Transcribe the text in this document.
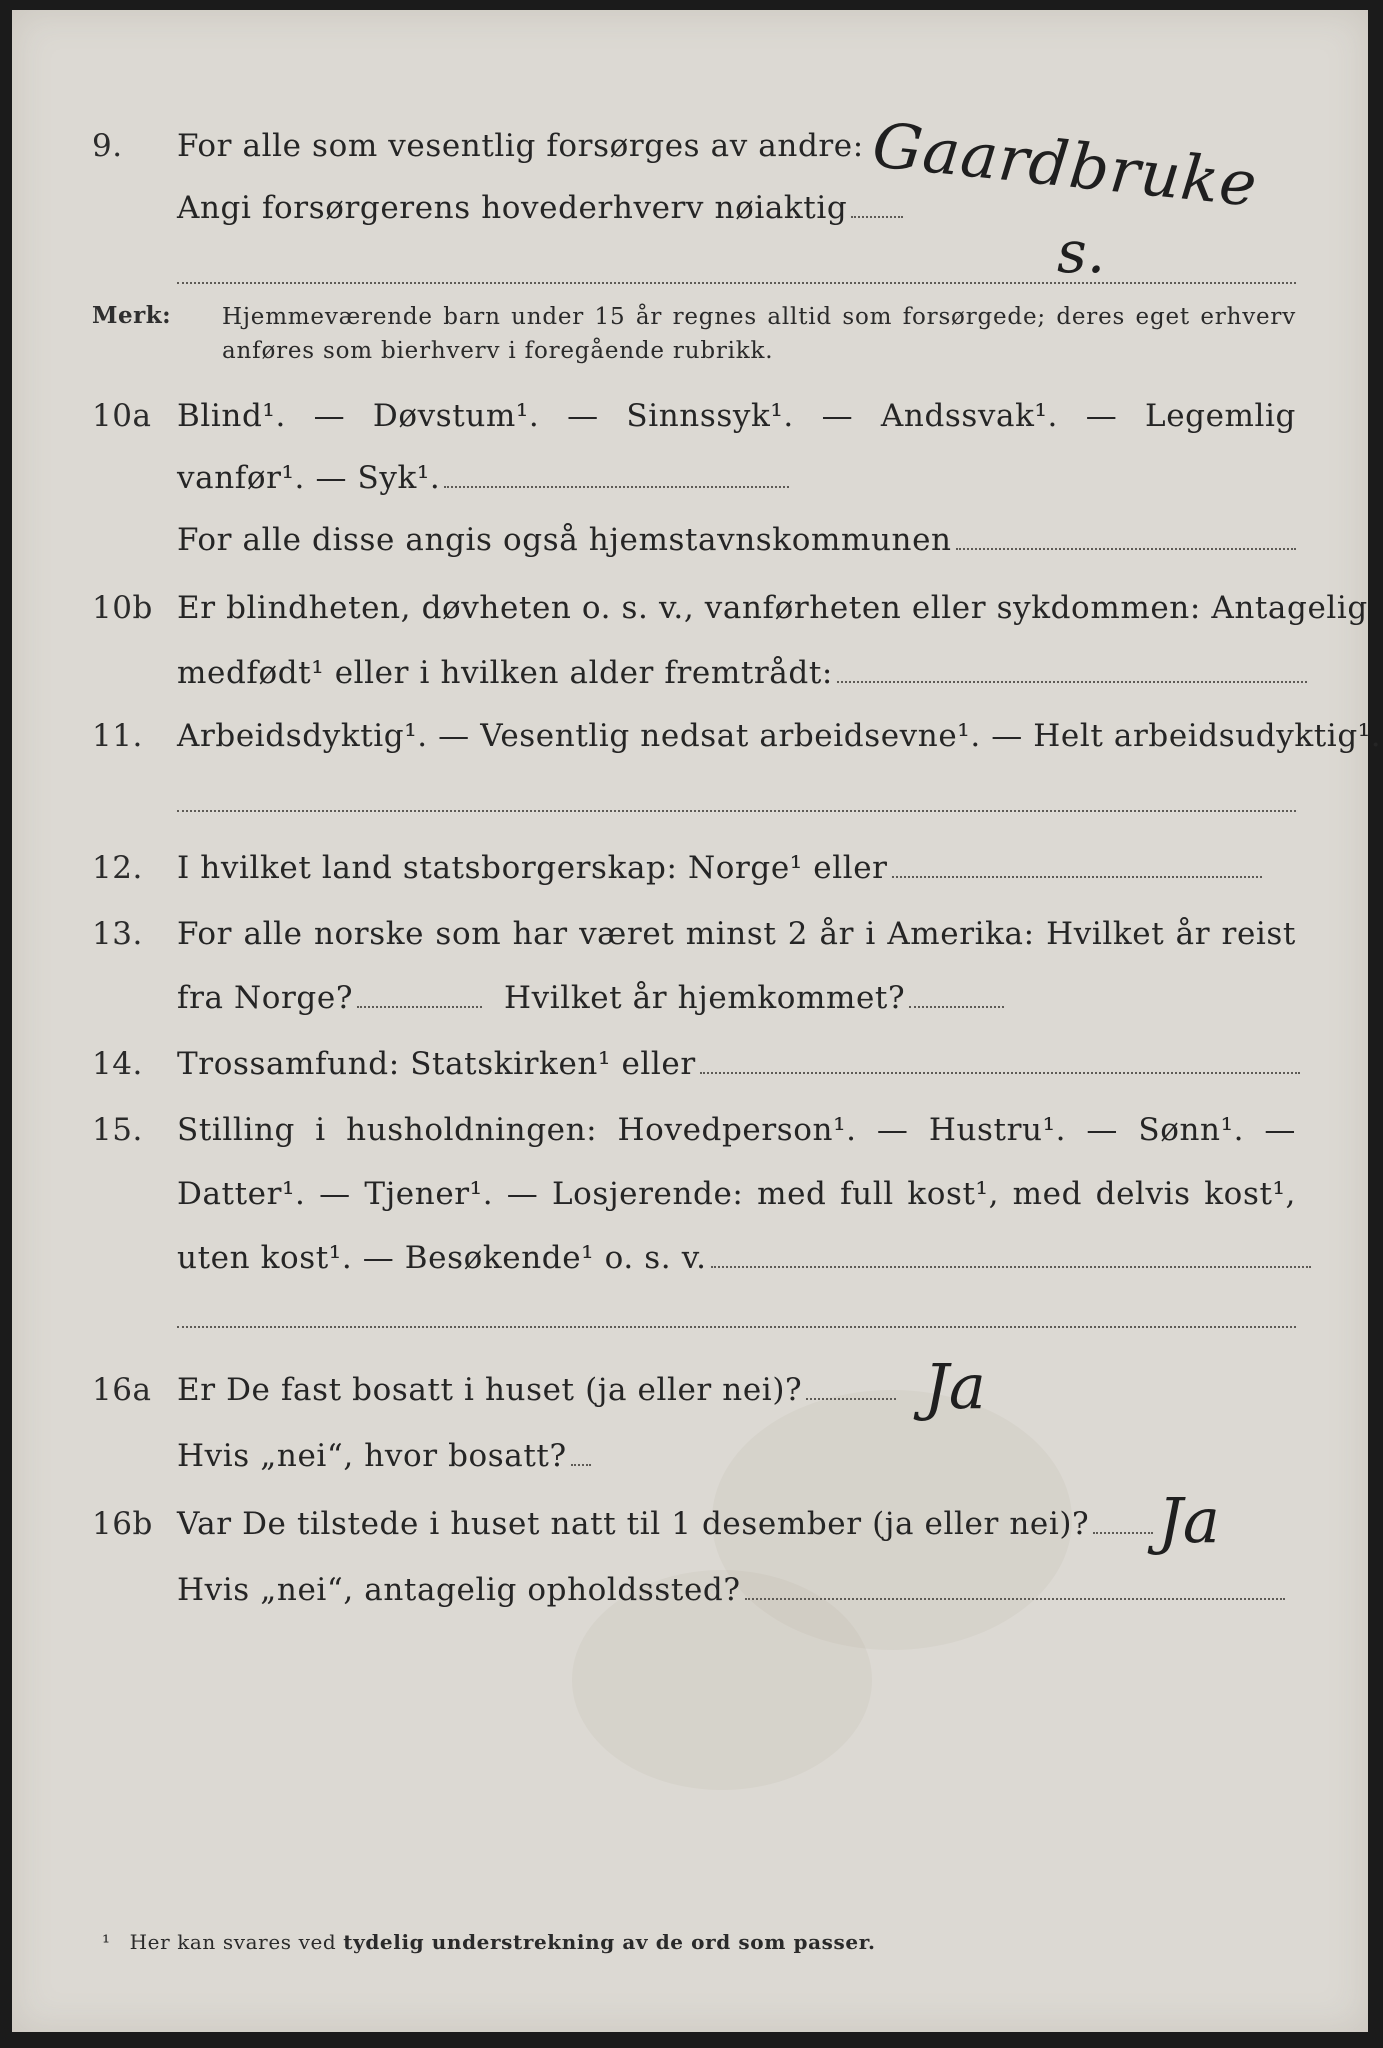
9. For alle som vesentlig forsørges av andre:
Angi forsørgerens hovederhverv nøiaktig Gaardbruke
s.
Merk: Hjemmeværende barn under 15 år regnes alltid som forsørgede; deres eget erhverv
anføres som bierhverv i foregående rubrikk.
10a Blind¹. — Døvstum¹. — Sinnssyk¹. — Andssvak¹. — Legemlig
vanfør¹. — Syk¹.
For alle disse angis også hjemstavnskommunen
10b Er blindheten, døvheten o. s. v., vanførheten eller sykdommen: Antagelig
medfødt¹ eller i hvilken alder fremtrådt:
11. Arbeidsdyktig¹. — Vesentlig nedsat arbeidsevne¹. — Helt arbeidsudyktig¹.
12. I hvilket land statsborgerskap: Norge¹ eller
13. For alle norske som har været minst 2 år i Amerika: Hvilket år reist
fra Norge?	Hvilket år hjemkommet?
14. Trossamfund: Statskirken¹ eller
15. Stilling i husholdningen: Hovedperson¹. — Hustru¹. — Sønn¹. —
Datter¹. — Tjener¹. — Losjerende: med full kost¹, med delvis kost¹,
uten kost¹. — Besøkende¹ o. s. v.
16a Er De fast bosatt i huset (ja eller nei)?	Ja
Hvis „nei“, hvor bosatt?
16b Var De tilstede i huset natt til 1 desember (ja eller nei)?	Ja
Hvis „nei“, antagelig opholdssted?
¹ Her kan svares ved tydelig understrekning av de ord som passer.
